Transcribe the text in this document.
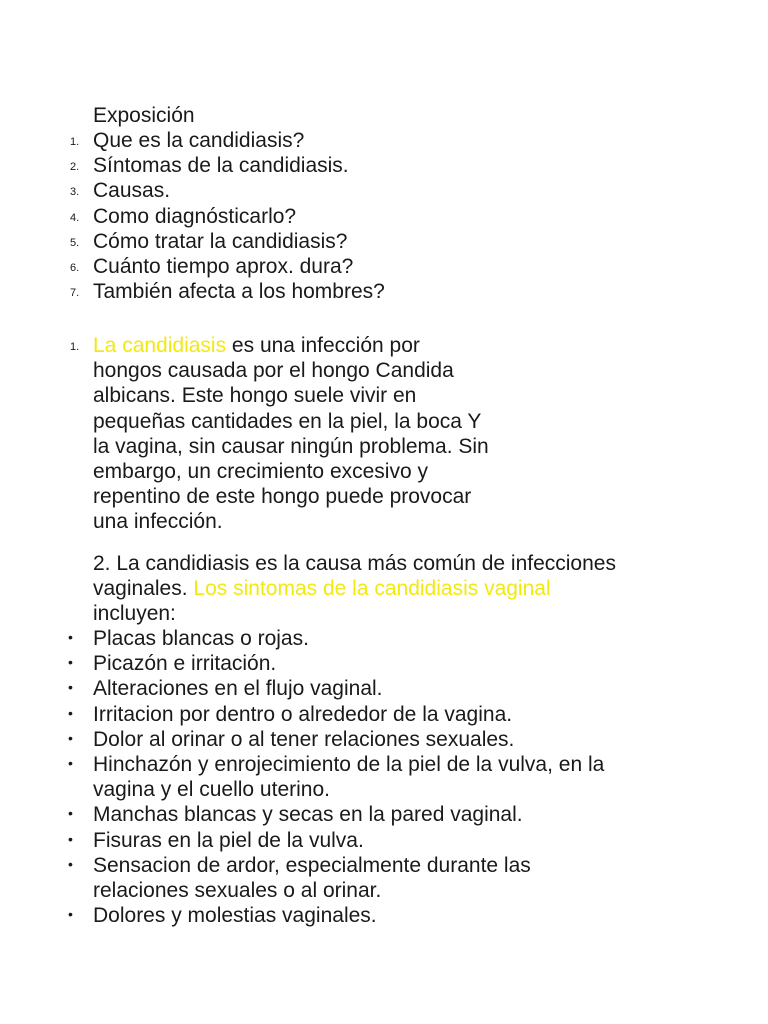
Exposición
1. Que es la candidiasis?
2. Síntomas de la candidiasis.
3. Causas.
4. Como diagnósticarlo?
5. Cómo tratar la candidiasis?
6. Cuánto tiempo aprox. dura?
7. También afecta a los hombres?
1. La candidiasis es una infección por
hongos causada por el hongo Candida
albicans. Este hongo suele vivir en
pequeñas cantidades en la piel, la boca Y
la vagina, sin causar ningún problema. Sin
embargo, un crecimiento excesivo y
repentino de este hongo puede provocar
una infección.
2. La candidiasis es la causa más común de infecciones
vaginales. Los sintomas de la candidiasis vaginal
incluyen:
• Placas blancas o rojas.
• Picazón e irritación.
• Alteraciones en el flujo vaginal.
• Irritacion por dentro o alrededor de la vagina.
• Dolor al orinar o al tener relaciones sexuales.
• Hinchazón y enrojecimiento de la piel de la vulva, en la
vagina y el cuello uterino.
• Manchas blancas y secas en la pared vaginal.
• Fisuras en la piel de la vulva.
• Sensacion de ardor, especialmente durante las
relaciones sexuales o al orinar.
• Dolores y molestias vaginales.
